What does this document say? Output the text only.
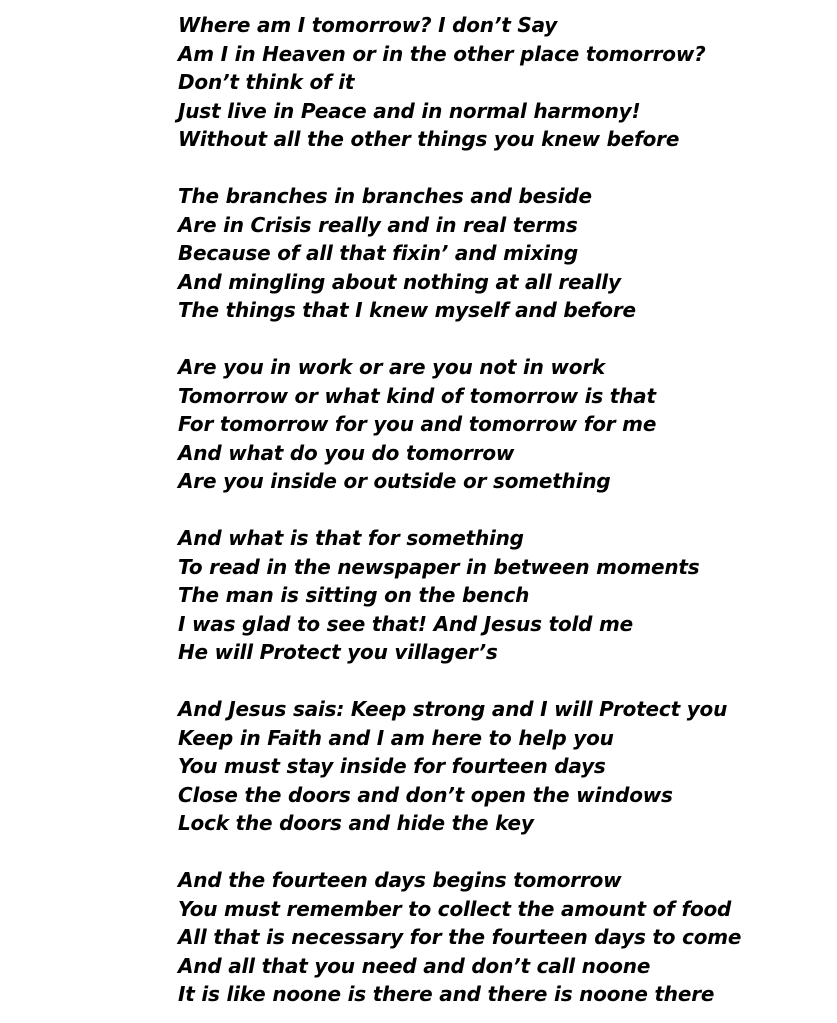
Where am I tomorrow? I don’t Say
Am I in Heaven or in the other place tomorrow?
Don’t think of it
Just live in Peace and in normal harmony!
Without all the other things you knew before
The branches in branches and beside
Are in Crisis really and in real terms
Because of all that fixin’ and mixing
And mingling about nothing at all really
The things that I knew myself and before
Are you in work or are you not in work
Tomorrow or what kind of tomorrow is that
For tomorrow for you and tomorrow for me
And what do you do tomorrow
Are you inside or outside or something
And what is that for something
To read in the newspaper in between moments
The man is sitting on the bench
I was glad to see that! And Jesus told me
He will Protect you villager’s
And Jesus sais: Keep strong and I will Protect you
Keep in Faith and I am here to help you
You must stay inside for fourteen days
Close the doors and don’t open the windows
Lock the doors and hide the key
And the fourteen days begins tomorrow
You must remember to collect the amount of food
All that is necessary for the fourteen days to come
And all that you need and don’t call noone
It is like noone is there and there is noone there
